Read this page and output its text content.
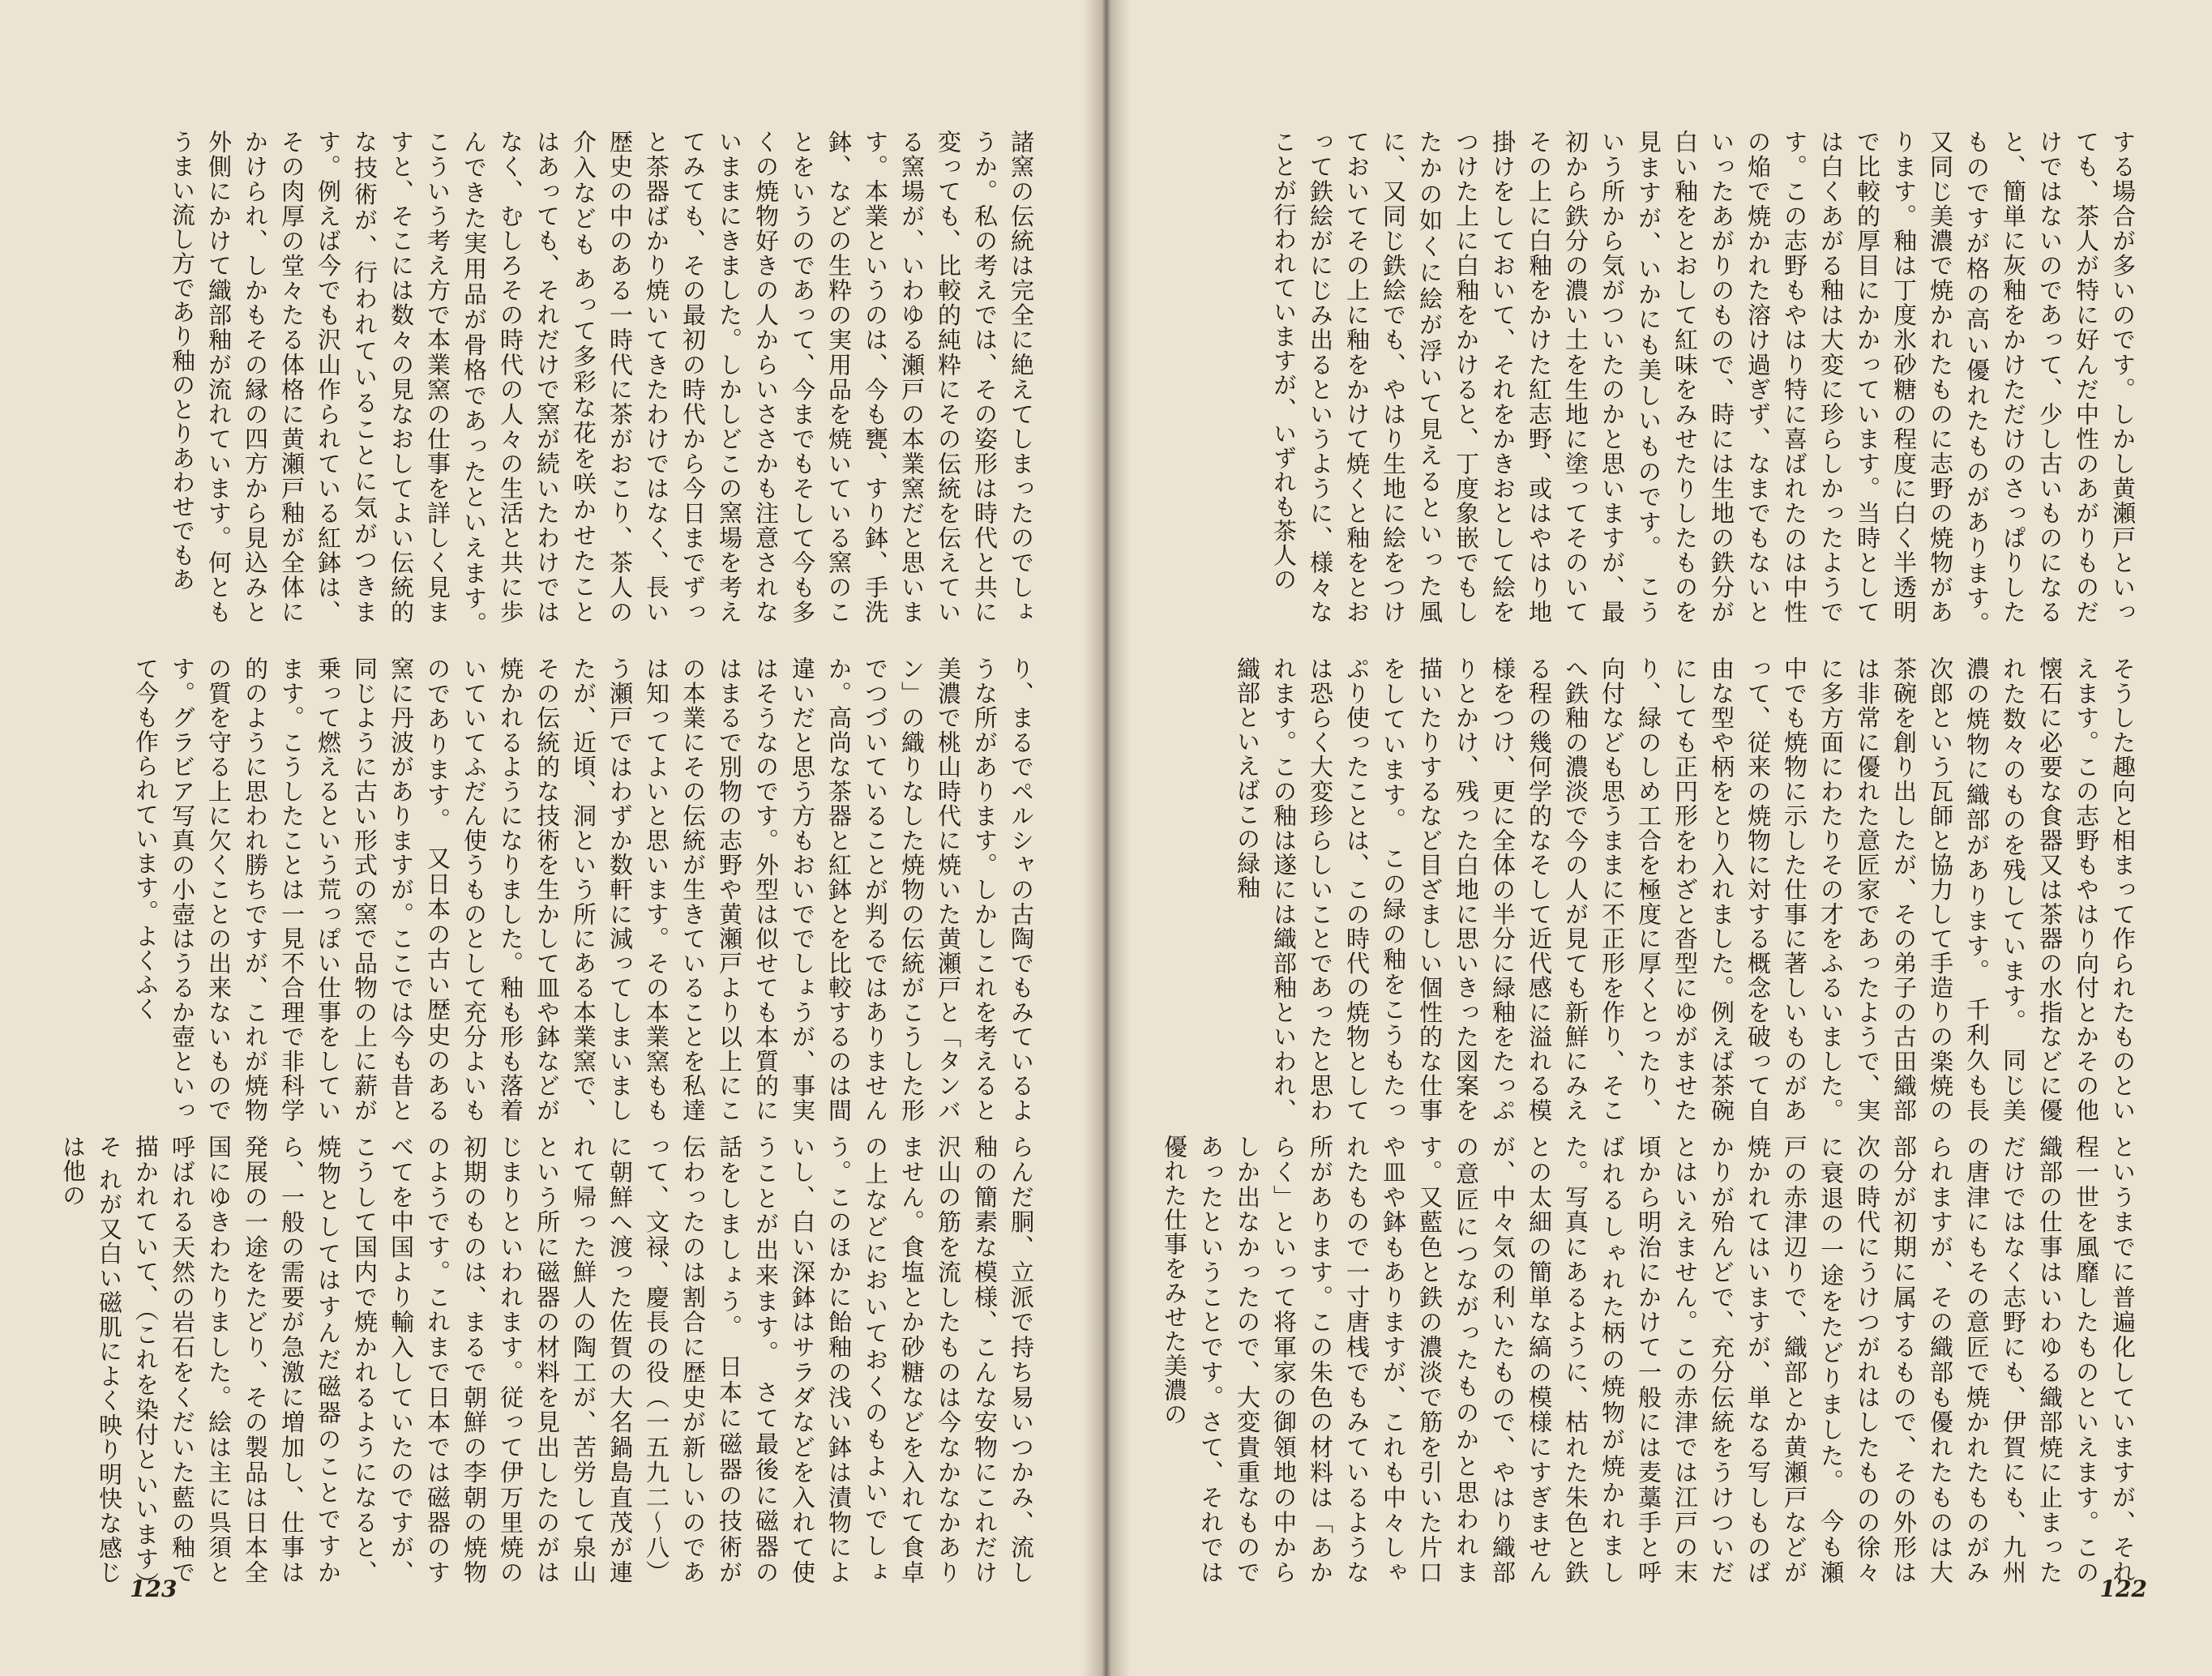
諸窯の伝統は完全に絶えてしまったのでしょうか。私の考えでは、その姿形は時代と共に変っても、比較的純粋にその伝統を伝えている窯場が、いわゆる瀬戸の本業窯だと思います。本業というのは、今も甕、すり鉢、手洗鉢、などの生粋の実用品を焼いている窯のことをいうのであって、今までもそして今も多くの焼物好きの人からいささかも注意されないままにきました。しかしどこの窯場を考えてみても、その最初の時代から今日までずっと茶器ばかり焼いてきたわけではなく、長い歴史の中のある一時代に茶がおこり、茶人の介入なども あって多彩な花を咲かせたことはあっても、それだけで窯が続いたわけではなく、むしろその時代の人々の生活と共に歩んできた実用品が骨格であったといえます。　こういう考え方で本業窯の仕事を詳しく見ますと、そこには数々の見なおしてよい伝統的な技術が、行われていることに気がつきます。例えば今でも沢山作られている紅鉢は、その肉厚の堂々たる体格に黄瀬戸釉が全体にかけられ、しかもその縁の四方から見込みと外側にかけて織部釉が流れています。何ともうまい流し方であり釉のとりあわせでもあ
り、まるでペルシャの古陶でもみているような所があります。しかしこれを考えると美濃で桃山時代に焼いた黄瀬戸と「タンバン」の織りなした焼物の伝統がこうした形でつづいていることが判るではありませんか。高尚な茶器と紅鉢とを比較するのは間違いだと思う方もおいででしょうが、事実はそうなのです。外型は似せても本質的にはまるで別物の志野や黄瀬戸より以上にこの本業にその伝統が生きていることを私達は知ってよいと思います。その本業窯ももう瀬戸ではわずか数軒に減ってしまいましたが、近頃、洞という所にある本業窯で、その伝統的な技術を生かして皿や鉢などが焼かれるようになりました。釉も形も落着いていてふだん使うものとして充分よいものであります。　又日本の古い歴史のある窯に丹波がありますが。ここでは今も昔と同じように古い形式の窯で品物の上に薪が乗って燃えるという荒っぽい仕事をしています。こうしたことは一見不合理で非科学的のように思われ勝ちですが、これが焼物の質を守る上に欠くことの出来ないものです。グラビア写真の小壺はうるか壺といって今も作られています。よくふく
らんだ胴、立派で持ち易いつかみ、流し釉の簡素な模様、こんな安物にこれだけ沢山の筋を流したものは今なかなかありません。食塩とか砂糖などを入れて食卓の上などにおいておくのもよいでしょう。このほかに飴釉の浅い鉢は漬物によいし、白い深鉢はサラダなどを入れて使うことが出来ます。　さて最後に磁器の話をしましょう。　日本に磁器の技術が伝わったのは割合に歴史が新しいのであって、文禄、慶長の役（一五九二〜八）に朝鮮へ渡った佐賀の大名鍋島直茂が連れて帰った鮮人の陶工が、苦労して泉山という所に磁器の材料を見出したのがはじまりといわれます。従って伊万里焼の初期のものは、まるで朝鮮の李朝の焼物のようです。これまで日本では磁器のすべてを中国より輸入していたのですが、こうして国内で焼かれるようになると、焼物としてはすんだ磁器のことですから、一般の需要が急激に増加し、仕事は発展の一途をたどり、その製品は日本全国にゆきわたりました。絵は主に呉須と呼ばれる天然の岩石をくだいた藍の釉で描かれていて、（これを染付といいます）そ れが又白い磁肌によく映り明快な感じは他の
123
する場合が多いのです。しかし黄瀬戸といっても、茶人が特に好んだ中性のあがりものだけではないのであって、少し古いものになると、簡単に灰釉をかけただけのさっぱりしたものですが格の高い優れたものがあります。　又同じ美濃で焼かれたものに志野の焼物があります。釉は丁度氷砂糖の程度に白く半透明で比較的厚目にかかっています。当時としては白くあがる釉は大変に珍らしかったようです。この志野もやはり特に喜ばれたのは中性の焔で焼かれた溶け過ぎず、なまでもないといったあがりのもので、時には生地の鉄分が白い釉をとおして紅味をみせたりしたものを見ますが、いかにも美しいものです。　こういう所から気がついたのかと思いますが、最初から鉄分の濃い土を生地に塗ってそのいてその上に白釉をかけた紅志野、或はやはり地掛けをしておいて、それをかきおとして絵をつけた上に白釉をかけると、丁度象嵌でもしたかの如くに絵が浮いて見えるといった風に、又同じ鉄絵でも、やはり生地に絵をつけておいてその上に釉をかけて焼くと釉をとおって鉄絵がにじみ出るというように、様々なことが行われていますが、いずれも茶人の
そうした趣向と相まって作られたものといえます。この志野もやはり向付とかその他懐石に必要な食器又は茶器の水指などに優れた数々のものを残しています。　同じ美濃の焼物に織部があります。　千利久も長次郎という瓦師と協力して手造りの楽焼の茶碗を創り出したが、その弟子の古田織部は非常に優れた意匠家であったようで、実に多方面にわたりその才をふるいました。中でも焼物に示した仕事に著しいものがあって、従来の焼物に対する概念を破って自由な型や柄をとり入れました。例えば茶碗にしても正円形をわざと沓型にゆがませたり、緑のしめ工合を極度に厚くとったり、向付なども思うままに不正形を作り、そこへ鉄釉の濃淡で今の人が見ても新鮮にみえる程の幾何学的なそして近代感に溢れる模様をつけ、更に全体の半分に緑釉をたっぷりとかけ、残った白地に思いきった図案を描いたりするなど目ざましい個性的な仕事をしています。　この緑の釉をこうもたっぷり使ったことは、この時代の焼物としては恐らく大変珍らしいことであったと思われます。この釉は遂には織部釉といわれ、織部といえばこの緑釉
というまでに普遍化していますが、それ程一世を風靡したものといえます。この織部の仕事はいわゆる織部焼に止まっただけではなく志野にも、伊賀にも、九州の唐津にもその意匠で焼かれたものがみられますが、その織部も優れたものは大部分が初期に属するもので、その外形は次の時代にうけつがれはしたものの徐々に衰退の一途をたどりました。　今も瀬戸の赤津辺りで、織部とか黄瀬戸などが焼かれてはいますが、単なる写しものばかりが殆んどで、充分伝統をうけついだとはいえません。この赤津では江戸の末頃から明治にかけて一般には麦藁手と呼ばれるしゃれた柄の焼物が焼かれました。写真にあるように、枯れた朱色と鉄との太細の簡単な縞の模様にすぎませんが、中々気の利いたもので、やはり織部の意匠につながったものかと思われます。又藍色と鉄の濃淡で筋を引いた片口や皿や鉢もありますが、これも中々しゃれたもので一寸唐桟でもみているような所があります。この朱色の材料は「あからく」といって将軍家の御領地の中からしか出なかったので、大変貴重なものであったということです。さて、それでは優れた仕事をみせた美濃の
122
